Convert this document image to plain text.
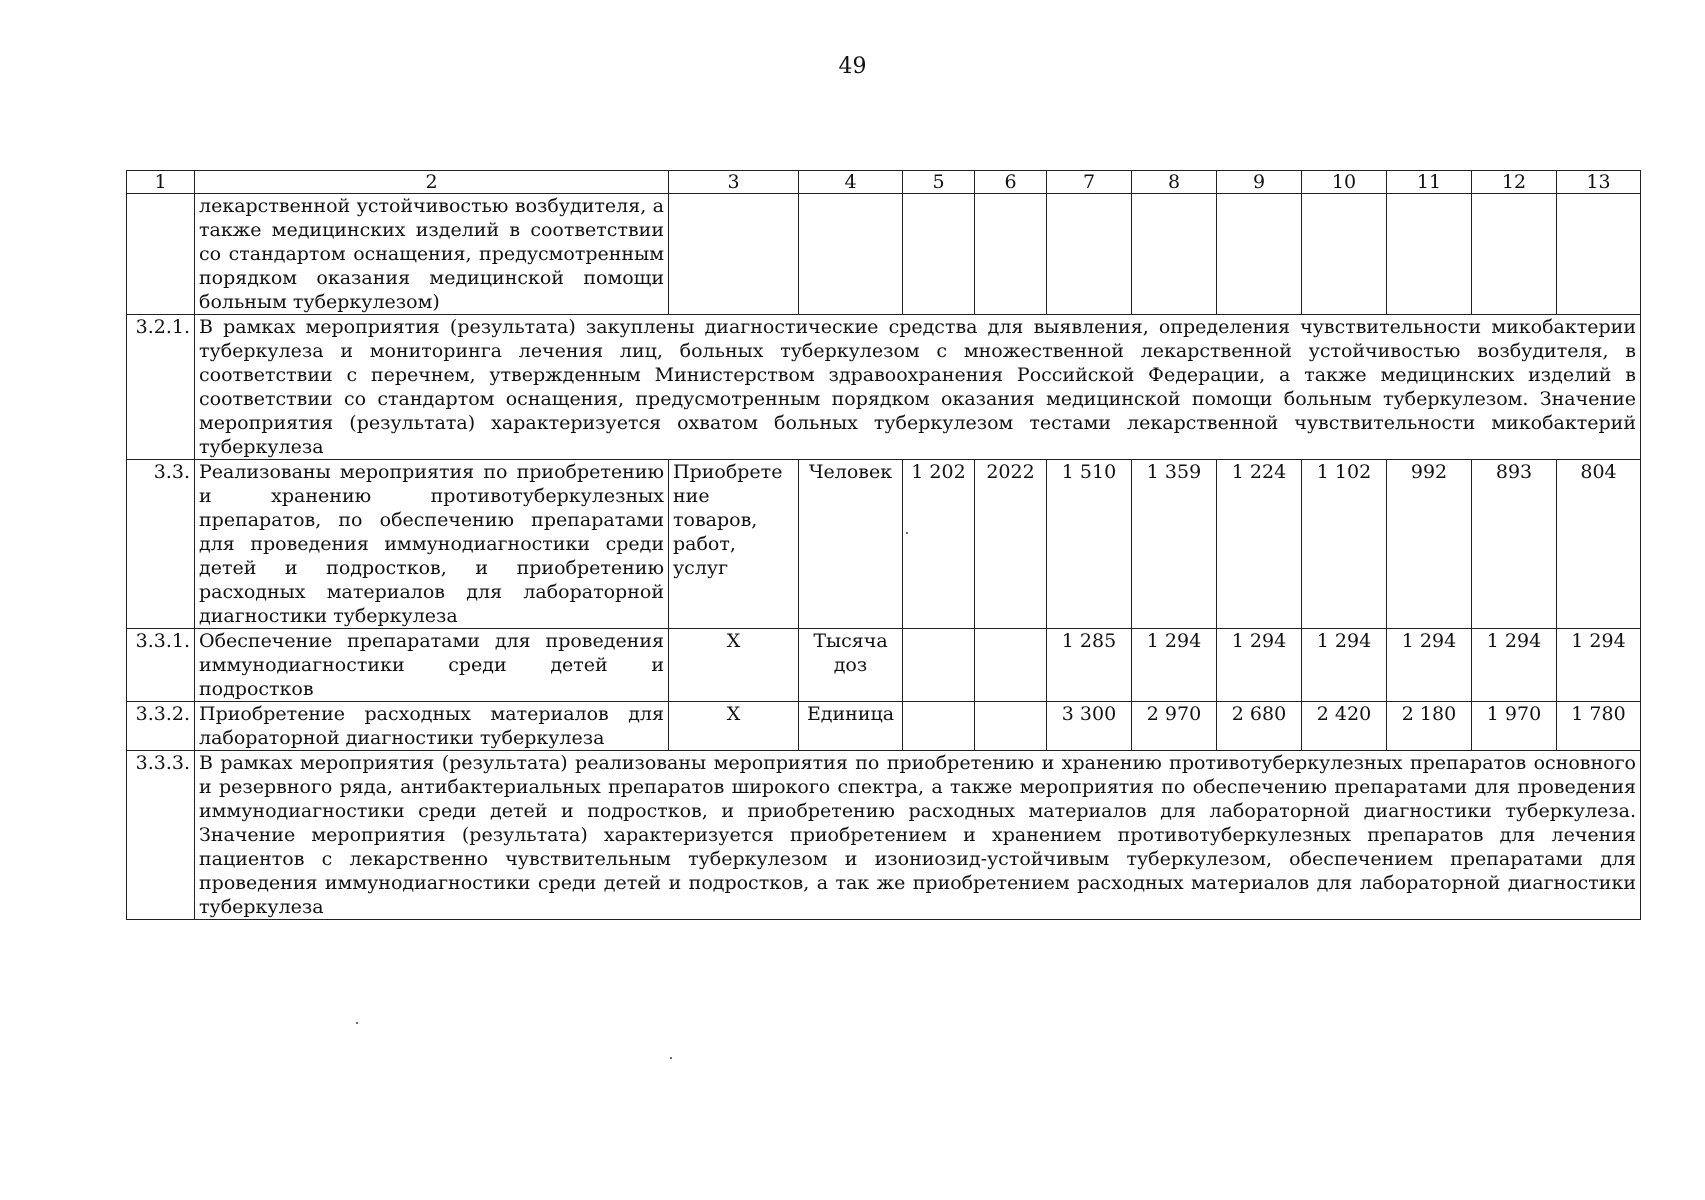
49
1	2	3	4	5	6	7	8	9	10	11	12	13
	лекарственной устойчивостью возбудителя, а также медицинских изделий в соответствии со стандартом оснащения, предусмотренным порядком оказания медицинской помощи больным туберкулезом)											
3.2.1.	В рамках мероприятия (результата) закуплены диагностические средства для выявления, определения чувствительности микобактерии туберкулеза и мониторинга лечения лиц, больных туберкулезом с множественной лекарственной устойчивостью возбудителя, в соответствии с перечнем, утвержденным Министерством здравоохранения Российской Федерации, а также медицинских изделий в соответствии со стандартом оснащения, предусмотренным порядком оказания медицинской помощи больным туберкулезом. Значение мероприятия (результата) характеризуется охватом больных туберкулезом тестами лекарственной чувствительности микобактерий туберкулеза											
3.3.	Реализованы мероприятия по приобретению и хранению противотуберкулезных препаратов, по обеспечению препаратами для проведения иммунодиагностики среди детей и подростков, и приобретению расходных материалов для лабораторной диагностики туберкулеза	Приобретение товаров, работ, услуг	Человек	1 202	2022	1 510	1 359	1 224	1 102	992	893	804
3.3.1.	Обеспечение препаратами для проведения иммунодиагностики среди детей и подростков	X	Тысяча доз			1 285	1 294	1 294	1 294	1 294	1 294	1 294
3.3.2.	Приобретение расходных материалов для лабораторной диагностики туберкулеза	X	Единица			3 300	2 970	2 680	2 420	2 180	1 970	1 780
3.3.3.	В рамках мероприятия (результата) реализованы мероприятия по приобретению и хранению противотуберкулезных препаратов основного и резервного ряда, антибактериальных препаратов широкого спектра, а также мероприятия по обеспечению препаратами для проведения иммунодиагностики среди детей и подростков, и приобретению расходных материалов для лабораторной диагностики туберкулеза. Значение мероприятия (результата) характеризуется приобретением и хранением противотуберкулезных препаратов для лечения пациентов с лекарственно чувствительным туберкулезом и изониозид-устойчивым туберкулезом, обеспечением препаратами для проведения иммунодиагностики среди детей и подростков, а так же приобретением расходных материалов для лабораторной диагностики туберкулеза											
